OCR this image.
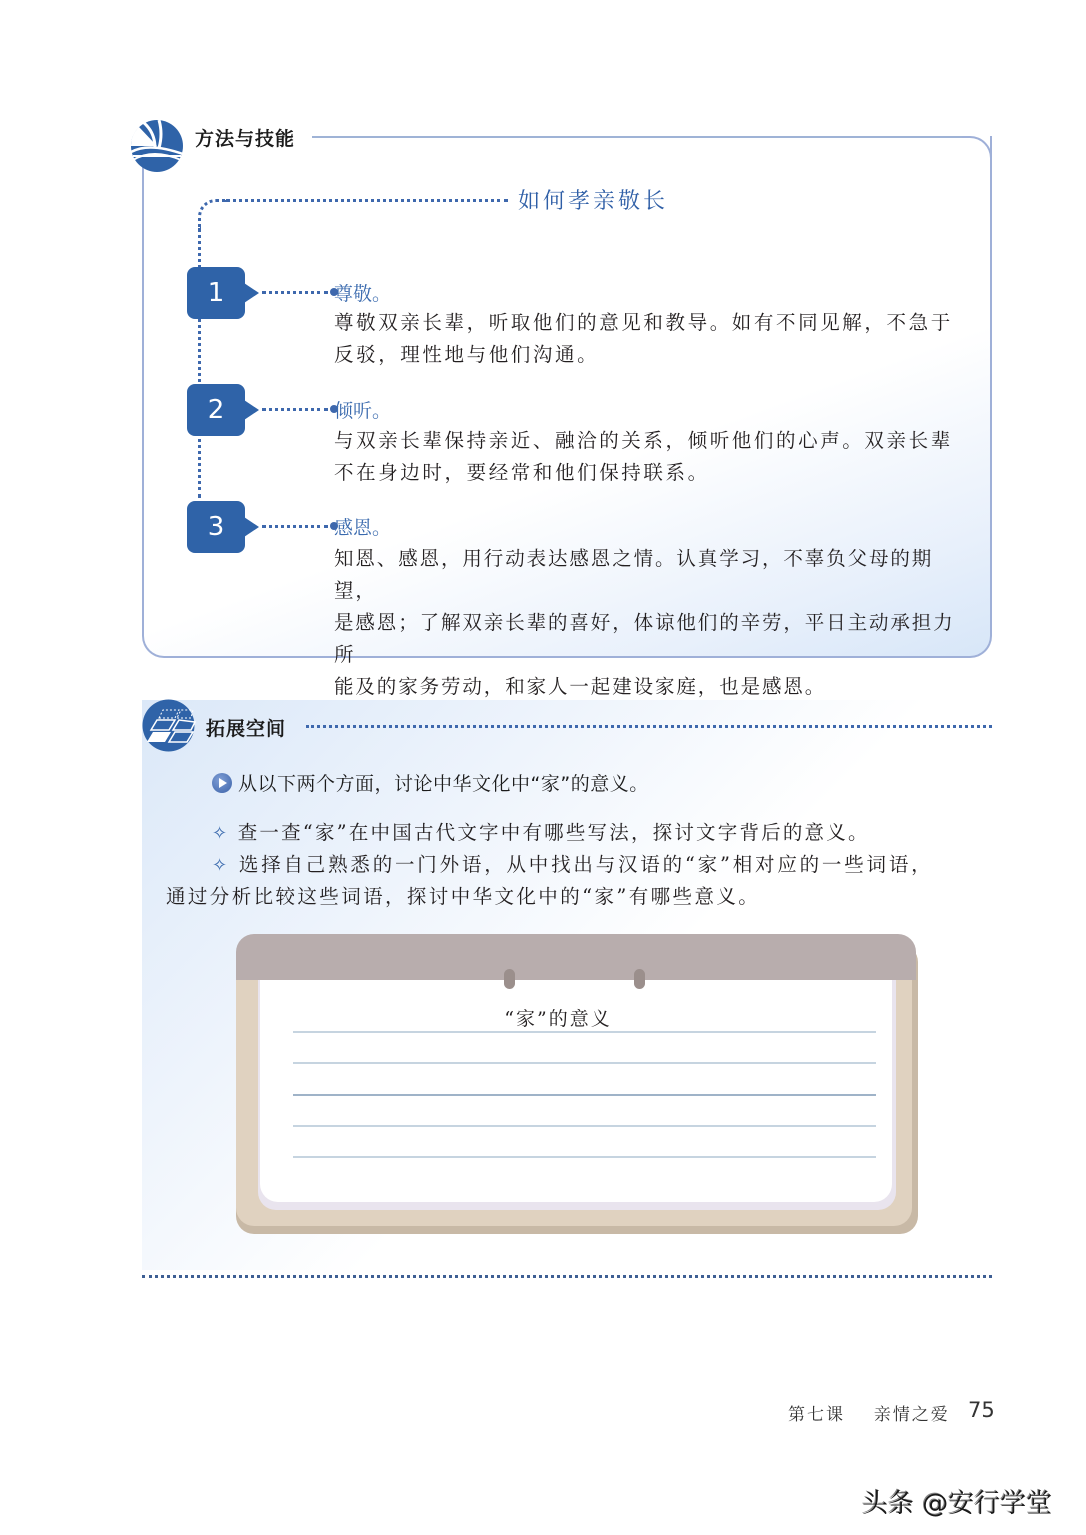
方法与技能
如何孝亲敬长
1	尊敬。
尊敬双亲长辈，听取他们的意见和教导。如有不同见解，不急于
反驳，理性地与他们沟通。
2	倾听。
与双亲长辈保持亲近、融洽的关系，倾听他们的心声。双亲长辈
不在身边时，要经常和他们保持联系。
3	感恩。
知恩、感恩，用行动表达感恩之情。认真学习，不辜负父母的期望，
是感恩；了解双亲长辈的喜好，体谅他们的辛劳，平日主动承担力所
能及的家务劳动，和家人一起建设家庭，也是感恩。
拓展空间
从以下两个方面，讨论中华文化中“家”的意义。
✧ 查一查“家”在中国古代文字中有哪些写法，探讨文字背后的意义。
✧ 选择自己熟悉的一门外语，从中找出与汉语的“家”相对应的一些词语，
通过分析比较这些词语，探讨中华文化中的“家”有哪些意义。
“家”的意义
第七课 亲情之爱 75
头条 @安行学堂
